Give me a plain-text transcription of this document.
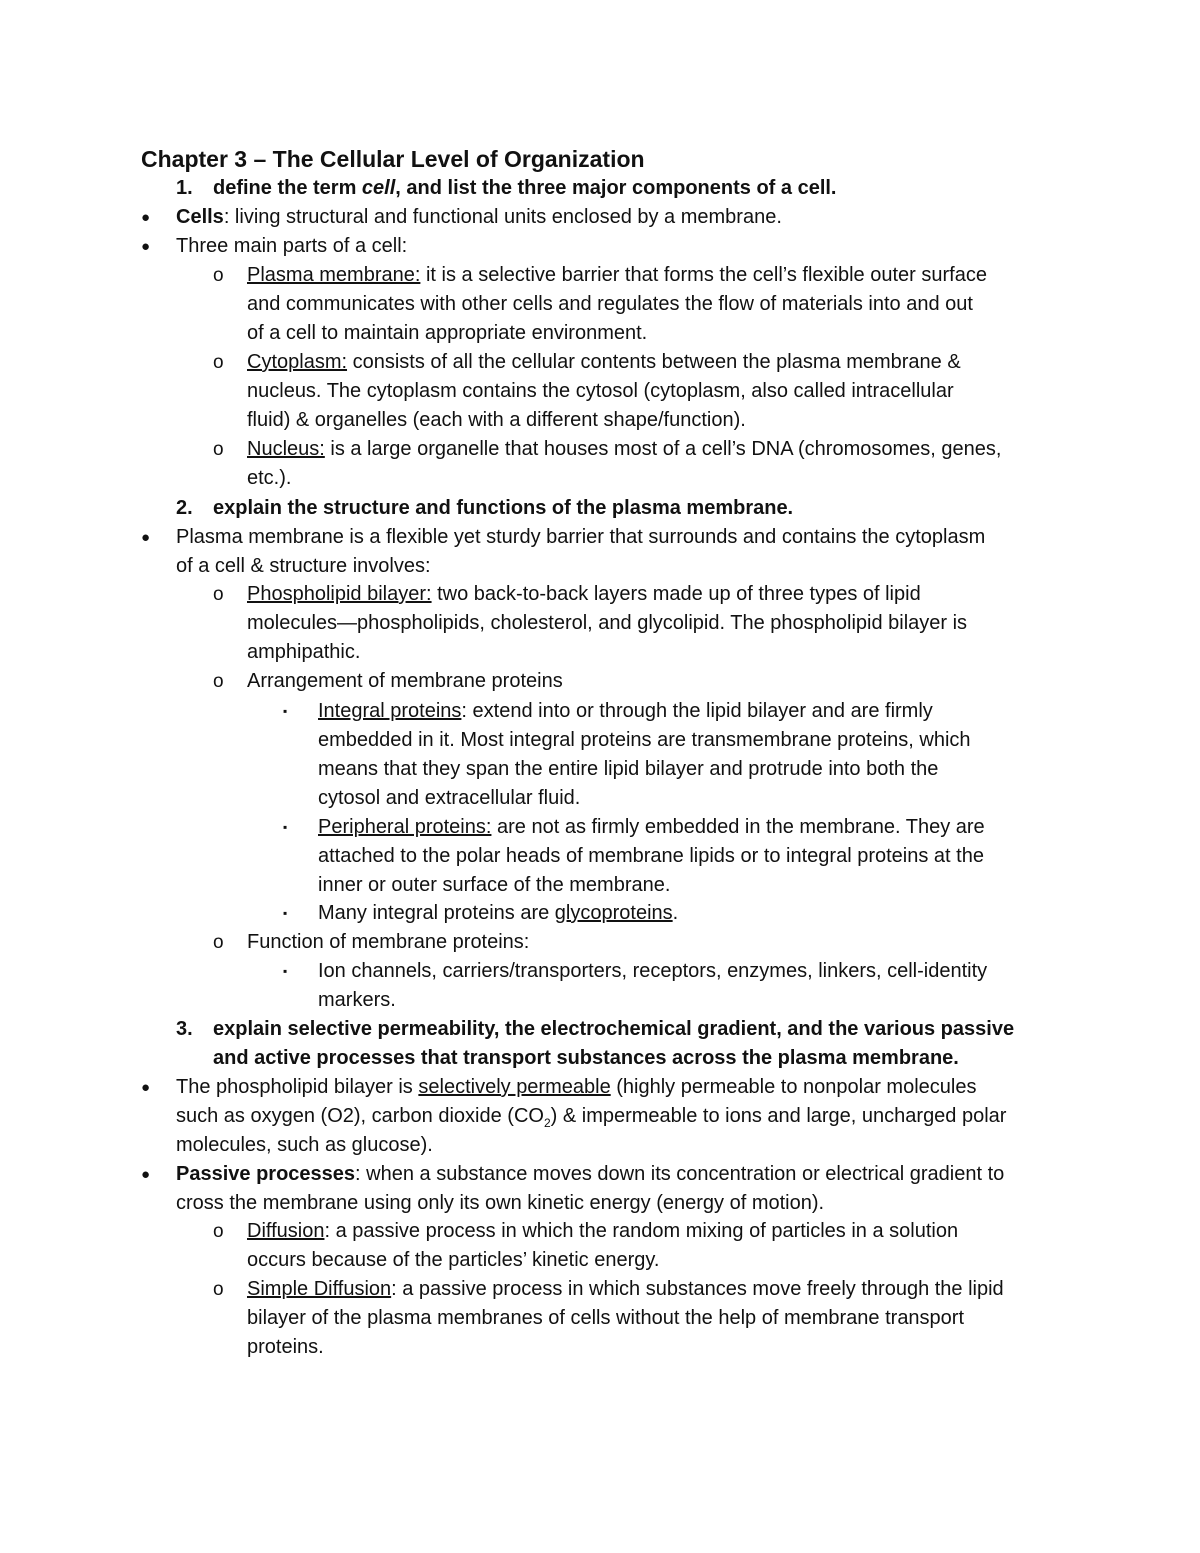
Chapter 3 – The Cellular Level of Organization
1. define the term cell, and list the three major components of a cell.
● Cells: living structural and functional units enclosed by a membrane.
● Three main parts of a cell:
o Plasma membrane: it is a selective barrier that forms the cell’s flexible outer surface
and communicates with other cells and regulates the flow of materials into and out
of a cell to maintain appropriate environment.
o Cytoplasm: consists of all the cellular contents between the plasma membrane &
nucleus. The cytoplasm contains the cytosol (cytoplasm, also called intracellular
fluid) & organelles (each with a different shape/function).
o Nucleus: is a large organelle that houses most of a cell’s DNA (chromosomes, genes,
etc.).
2. explain the structure and functions of the plasma membrane.
● Plasma membrane is a flexible yet sturdy barrier that surrounds and contains the cytoplasm
of a cell & structure involves:
o Phospholipid bilayer: two back-to-back layers made up of three types of lipid
molecules—phospholipids, cholesterol, and glycolipid. The phospholipid bilayer is
amphipathic.
o Arrangement of membrane proteins
▪ Integral proteins: extend into or through the lipid bilayer and are firmly
embedded in it. Most integral proteins are transmembrane proteins, which
means that they span the entire lipid bilayer and protrude into both the
cytosol and extracellular fluid.
▪ Peripheral proteins: are not as firmly embedded in the membrane. They are
attached to the polar heads of membrane lipids or to integral proteins at the
inner or outer surface of the membrane.
▪ Many integral proteins are glycoproteins.
o Function of membrane proteins:
▪ Ion channels, carriers/transporters, receptors, enzymes, linkers, cell-identity
markers.
3. explain selective permeability, the electrochemical gradient, and the various passive
and active processes that transport substances across the plasma membrane.
● The phospholipid bilayer is selectively permeable (highly permeable to nonpolar molecules
such as oxygen (O2), carbon dioxide $(CO_2)$ & impermeable to ions and large, uncharged polar
molecules, such as glucose).
● Passive processes: when a substance moves down its concentration or electrical gradient to
cross the membrane using only its own kinetic energy (energy of motion).
o Diffusion: a passive process in which the random mixing of particles in a solution
occurs because of the particles’ kinetic energy.
o Simple Diffusion: a passive process in which substances move freely through the lipid
bilayer of the plasma membranes of cells without the help of membrane transport
proteins.
